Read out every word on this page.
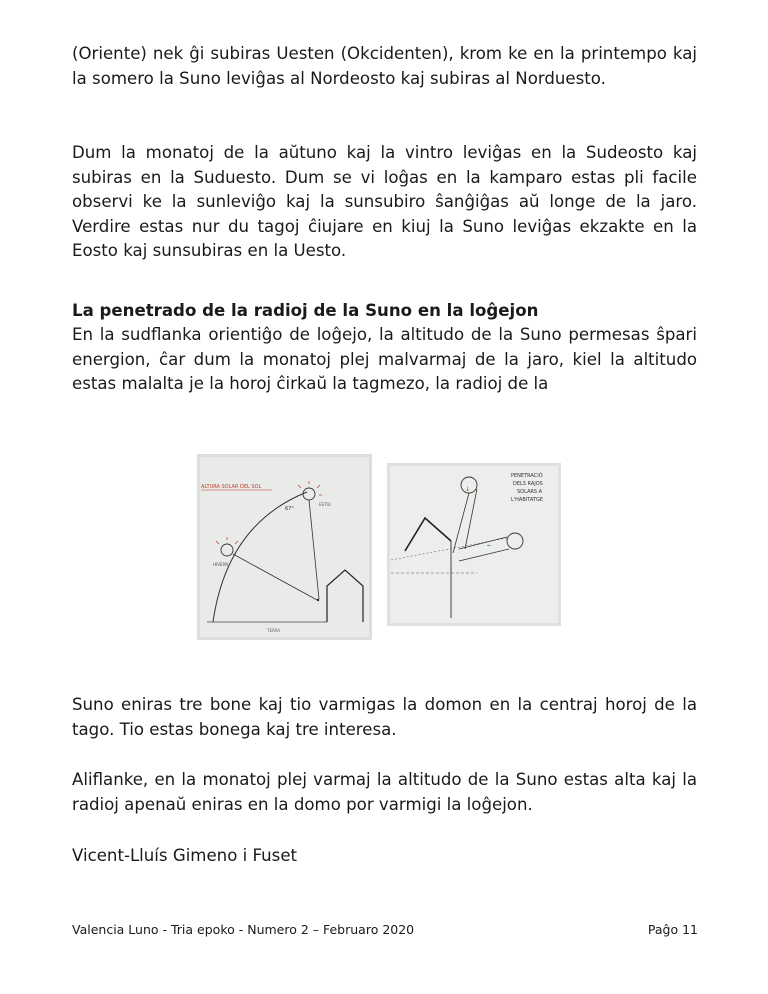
(Oriente) nek ĝi subiras Uesten (Okcidenten), krom ke en la printempo kaj la somero la Suno leviĝas al Nordeosto kaj subiras al Norduesto.

Dum la monatoj de la aŭtuno kaj la vintro leviĝas en la Sudeosto kaj subiras en la Suduesto. Dum se vi loĝas en la kamparo estas pli facile observi ke la sunleviĝo kaj la sunsubiro ŝanĝiĝas aŭ longe de la jaro. Verdire estas nur du tagoj ĉiujare en kiuj la Suno leviĝas ekzakte en la Eosto kaj sunsubiras en la Uesto.

La penetrado de la radioj de la Suno en la loĝejon

En la sudflanka orientiĝo de loĝejo, la altitudo de la Suno permesas ŝpari energion, ĉar dum la monatoj plej malvarmaj de la jaro, kiel la altitudo estas malalta je la horoj ĉirkaŭ la tagmezo, la radioj de la

ALTURA SOLAR DEL SOL
TERRA
67°
ESTIU
HIVERN
↓
⇐
PENETRACIÓ
DELS RAJOS
SOLARS A
L'HABITATGE

Suno eniras tre bone kaj tio varmigas la domon en la centraj horoj de la tago. Tio estas bonega kaj tre interesa.

Aliflanke, en la monatoj plej varmaj la altitudo de la Suno estas alta kaj la radioj apenaŭ eniras en la domo por varmigi la loĝejon.

Vicent-Lluís Gimeno i Fuset
Valencia Luno - Tria epoko - Numero 2 – Februaro 2020	Paĝo 11
